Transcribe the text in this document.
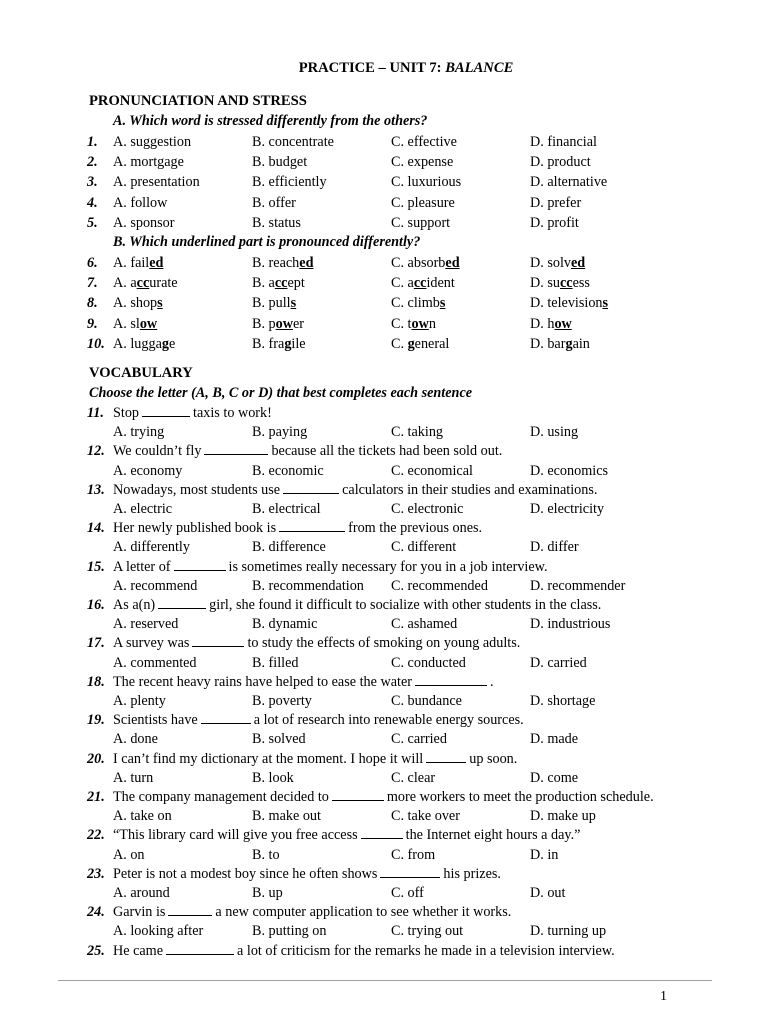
PRACTICE – UNIT 7: BALANCE
PRONUNCIATION AND STRESS
A. Which word is stressed differently from the others?
1.	A. suggestion	B. concentrate	C. effective	D. financial
2.	A. mortgage	B. budget	C. expense	D. product
3.	A. presentation	B. efficiently	C. luxurious	D. alternative
4.	A. follow	B. offer	C. pleasure	D. prefer
5.	A. sponsor	B. status	C. support	D. profit
B. Which underlined part is pronounced differently?
6.	A. failed	B. reached	C. absorbed	D. solved
7.	A. accurate	B. accept	C. accident	D. success
8.	A. shops	B. pulls	C. climbs	D. televisions
9.	A. slow	B. power	C. town	D. how
10. A. luggage	B. fragile	C. general	D. bargain
VOCABULARY
Choose the letter (A, B, C or D) that best completes each sentence
11. Stop	taxis to work!
A. trying	B. paying	C. taking	D. using
12. We couldn’t fly	because all the tickets had been sold out.
A. economy	B. economic	C. economical	D. economics
13. Nowadays, most students use	calculators in their studies and examinations.
A. electric	B. electrical	C. electronic	D. electricity
14. Her newly published book is	from the previous ones.
A. differently	B. difference	C. different	D. differ
15. A letter of	is sometimes really necessary for you in a job interview.
A. recommend	B. recommendation C. recommended	D. recommender
16. As a(n)	girl, she found it difficult to socialize with other students in the class.
A. reserved	B. dynamic	C. ashamed	D. industrious
17. A survey was	to study the effects of smoking on young adults.
A. commented	B. filled	C. conducted	D. carried
18. The recent heavy rains have helped to ease the water	.
A. plenty	B. poverty	C. bundance	D. shortage
19. Scientists have	a lot of research into renewable energy sources.
A. done	B. solved	C. carried	D. made
20. I can’t find my dictionary at the moment. I hope it will	up soon.
A. turn	B. look	C. clear	D. come
21. The company management decided to	more workers to meet the production schedule.
A. take on	B. make out	C. take over	D. make up
22. “This library card will give you free access	the Internet eight hours a day.”
A. on	B. to	C. from	D. in
23. Peter is not a modest boy since he often shows	his prizes.
A. around	B. up	C. off	D. out
24. Garvin is	a new computer application to see whether it works.
A. looking after	B. putting on	C. trying out	D. turning up
25. He came	a lot of criticism for the remarks he made in a television interview.
1
